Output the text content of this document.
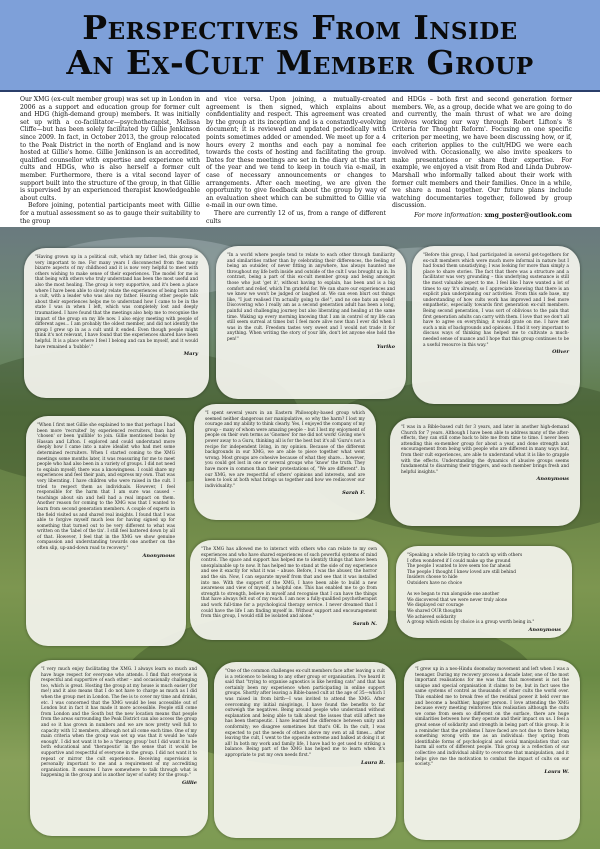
Perspectives From Inside
An Ex-Cult Member Group

Our XMG (ex-cult member group) was set up in London in 2006 as a support and education group for former cult and HDG (high-demand group) members. It was initially set up with a co-facilitator—psychotherapist, Melissa Cliffe—but has been solely facilitated by Gillie Jenkinson since 2009. In fact, in October 2013, the group relocated to the Peak District in the north of England and is now hosted at Gillie's home. Gillie Jenkinson is an accredited, qualified counsellor with expertise and experience with cults and HDGs, who is also herself a former cult member. Furthermore, there is a vital second layer of support built into the structure of the group, in that Gillie is supervised by an experienced therapist knowledgeable about cults.

Before joining, potential participants meet with Gillie for a mutual assessment so as to gauge their suitability to the group

and vice versa. Upon joining, a mutually-created agreement is then signed, which explains about confidentiality and respect. This agreement was created by the group at its inception and is a constantly-evolving document; it is reviewed and updated periodically with points sometimes added or amended. We meet up for a 4 hours every 2 months and each pay a nominal fee towards the costs of hosting and facilitating the group. Dates for these meetings are set in the diary at the start of the year and we tend to keep in touch via e-mail, in case of necessary announcements or changes to arrangements. After each meeting, we are given the opportunity to give feedback about the group by way of an evaluation sheet which can be submitted to Gillie via e-mail in our own time.

There are currently 12 of us, from a range of different cults

and HDGs – both first and second generation former members. We, as a group, decide what we are going to do and currently, the main thrust of what we are doing involves working our way through Robert Lifton's '8 Criteria for Thought Reform'. Focusing on one specific criterion per meeting, we have been discussing how, or if, each criterion applies to the cult/HDG we were each involved with. Occasionally, we also invite speakers to make presentations or share their expertise. For example, we enjoyed a visit from Rod and Linda Dubrow-Marshall who informally talked about their work with former cult members and their families. Once in a while, we share a meal together. Our future plans include watching documentaries together, followed by group discussion.

For more information: xmg_poster@outlook.com

"Having grown up in a political cult, which my father led, this group is very important to me. For many years I disconnected from the many bizarre aspects of my childhood and it is now very helpful to meet with others wishing to make sense of their experiences. The model for me is that being with others who truly understand has been the most useful and also the most healing. The group is very supportive, and it's been a place where I have been able to slowly relate the experiences of being born into a cult, with a leader who was also my father. Hearing other people talk about their experiences helps me to understand how I came to be in the state I was in when I left, which was completely lost and deeply traumatised. I have found that the meetings also help me to recognise the impact of the group on my life now. I also enjoy meeting with people of different ages... I am probably the oldest member, and did not identify the group I grew up in as a cult until it ended. Even though people might think it's not relevant, I have found that the experiences shared have been helpful. It is a place where I feel I belong and can be myself, and it would have remained a 'bubble'."
Mary
"In a world where people tend to relate to each other through familiarity and similarities rather than by celebrating their differences, the feeling of being an outsider, of never fitting in anywhere, has always haunted me throughout my life both inside and outside of the cult I was brought up in. In contrast, being a part of this ex-cult member group and being amongst those who just 'get it', without having to explain, has been and is a big comfort and relief, which I'm grateful for. We can share our experiences and we know we won't be judged or laughed at. We can even blurt out things like, "I just realised I'm actually going to die!", and no one bats an eyelid! Discovering who I really am as a second generation adult has been a long, painful and challenging journey but also liberating and healing at the same time. Waking up every morning knowing that I am in control of my life can still seem surreal at times but I feel more alive now than I ever did when I was in the cult. Freedom tastes very sweet and I would not trade it for anything. When writing the story of your life, don't let anyone else hold the pen!"
Yuriko
"Before this group, I had participated in several get-togethers for ex-cult members which were much more informal in nature but I had found them unsatisfying; I was looking for more than simply a place to share stories. The fact that there was a structure and a facilitator was very grounding – this underlying sustenance is still the most valuable aspect to me. I feel like I have wanted a lot of times to say 'it's already, so I appreciate knowing that there is an explicit plan underpinning our activities. From this safe base, my understanding of how cults work has improved and I feel more empathetic, especially towards first generation ex-cult members. Being second generation, I was sort of oblivious to the pain that first generation adults can carry with them. I love that we don't all have to agree on everything; it would grate on me. I have met such a mix of backgrounds and opinions. I find it very important to discuss ways of thinking has helped me to cultivate a much-needed sense of nuance and I hope that this group continues to be a useful resource in this way."
Oliver
"When I first met Gillie she explained to me that perhaps I had been more 'recruited' by experienced recruiters, than had 'chosen' or been 'gullible' to join. Gillie mentioned books by Hassan and Lifton. I explored and could understand more deeply how I came into a naive idealist who had met some determined recruiters. When I started coming to the XMG meetings some months later, it was reassuring for me to meet people who had also been in a variety of groups. I did not need to explain myself; there was a knowingness. I could share my experiences and feel their pain, and express my own. That was very liberating. I have children who were raised in the cult. I tried to respect them as individuals. However, I feel responsible for the harm that I am sure was caused – teachings about sin and hell had a real impact on them. Another reason for coming to the XMG was that I wanted to learn from second generation members. A couple of experts in the field visited us and shared real insights. I found that I was able to forgive myself much less for having signed up for something that turned out to be very different to what was written on the 'label of the tin'. I still feel battered down by all of that. However, I feel that in the XMG we show genuine compassion and understanding towards one another on the often slip, up-and-down road to recovery."
Anonymous
"I spent several years in an Eastern Philosophy-based group which seemed neither dangerous nor manipulative, so why the harm? I lost my courage and my ability to think clearly. Yes, I enjoyed the company of my group – many of whom were amazing people – but I lost my enjoyment of people on their own terms as 'Gnomes' for me did not work! Giving one's power away to a Guru, thinking all is for the best but it's all 'Guru's not a recipe for independent living, in my opinion. Because of the different backgrounds in our XMG, we are able to piece together what went wrong. Most groups are cohesive because of what they share... however, you could get lost in one or several groups who 'know' the truth. They have more in common than their protestations of, "We are different". In our XMG, we are respectful of others' opinions and interests, and are keen to look at both what brings us together and how we rediscover our individuality."
Sarah F.
"I was in a Bible-based cult for 3 years, and later in another high-demand Church for 7 years. Although I have been able to address many of the after-effects, they can still come back to bite me from time to time. I never been attending this ex-member group for about a year, and done strength and encouragement from being with people who are different in many ways but, from their cult experiences, are able to understand what it is like to grapple with the effects. Understanding the dynamics of abusive groups seems fundamental to disarming their triggers, and each member brings fresh and helpful insights."
Anonymous
"The XMG has allowed me to interact with others who can relate to my own experiences and who have shared experiences of such powerful systems of mind control. The space and support has helped me to identify things that have been unexplainable up to now. It has helped me to stand at the side of my experience and see it exactly for what it was – abuse. Before, I was the abuser, the horror and the sin. Now, I can separate myself from that and see that it was installed into me. With the support of the XMG, I have been able to build a new awareness and view of myself, a helpful one. This has enabled me to go from strength to strength, believe in myself and recognise that I can have the things that have always felt out of my reach. I am now a fully-qualified psychotherapist and work full-time for a psychological therapy service. I never dreamed that I could have the life I am finding myself in. Without support and encouragement from this group, I would still be isolated and alone."
Sarah N.
"Speaking a whole life trying to catch up with others
I often wondered if I could make up the ground
The people I wanted to love seem too far ahead
The people I thought I knew loved are still behind
Insiders choose to hide
Outsiders have no choice

As we began to run alongside one another
We discovered that we were never truly alone
We displayed our courage
We shared OUR thoughts
We achieved solidarity
A group which exists by choice is a group worth being in."
Anonymous
"I very much enjoy facilitating the XMG. I always learn so much and have huge respect for everyone who attends. I find that everyone is respectful and supportive of each other – and occasionally challenging too, which is great. Hosting the group at my house is much easier (for me!) and it also means that I do not have to charge as much as I did when the group met in London. The fee is to cover my time and drinks, etc. I was concerned that the XMG would be less accessible out of London but in fact it has made it more accessible. People still come from London and the South but the new location means that people from the areas surrounding the Peak District can also access the group and so it has grown in numbers and we are now pretty well full to capacity with 12 members, although not all come each time. One of my main criteria when the group was set up was that it would be 'safe enough'. I did not want it to be a 'therapy group' but I did want it to be both educational and 'therapeutic' in the sense that it would be supportive and respectful of everyone in the group. I did not want it to repeat or mirror the cult experience. Receiving supervision is personally important to me and a requirement of my accrediting organisation. It ensures I have somewhere to talk through what is happening in the group and is another layer of safety for the group."
Gillie
"One of the common challenges ex-cult members face after leaving a cult is a reticence to belong to any other group or organisation. I've heard it said that "trying to organise agnostics is like herding cats" and that has certainly been my experience when participating in online support groups. Shortly after leaving a Bible-based cult at the age of 35—which I was raised in from birth—I was invited to attend the XMG. After overcoming my initial misgivings, I have found the benefits to far outweigh the negatives. Being around people who understand without explanation and being able to talk about the issues that still affect me has been therapeutic. I have learned the difference between unity and conformity; we disagree sometimes but that's OK. In the cult, I was expected to put the needs of others above my own at all times... after leaving the cult, I went to the opposite extreme and balked at doing it at all! In both my work and family life, I have had to get used to striking a balance. Being part of the XMG has helped me to learn when it's appropriate to put my own needs first."
Laura B.
"I grew up in a neo-Hindu doomsday movement and left when I was a teenager. During my recovery process a decade later, one of the most important realisations for me was that that movement is not the unique and special organisation it claims to be, but in fact uses the same systems of control as thousands of other cults the world over. This enabled me to break free of the residual power it held over me and become a healthier, happier person. I love attending the XMG because every meeting reinforces this realisation although the cults we come from seem so different on the surface, there are huge similarities between how they operate and their impact on us. I feel a great sense of solidarity and strength in being part of this group. It is a reminder that the problems I have faced are not due to there being something wrong with me as an individual: they spring from identifiable forms of psychological and social manipulation that can harm all sorts of different people. This group is a reflection of our collective and individual ability to overcome that manipulation, and it helps give me the motivation to combat the impact of cults on our society."
Laura W.
